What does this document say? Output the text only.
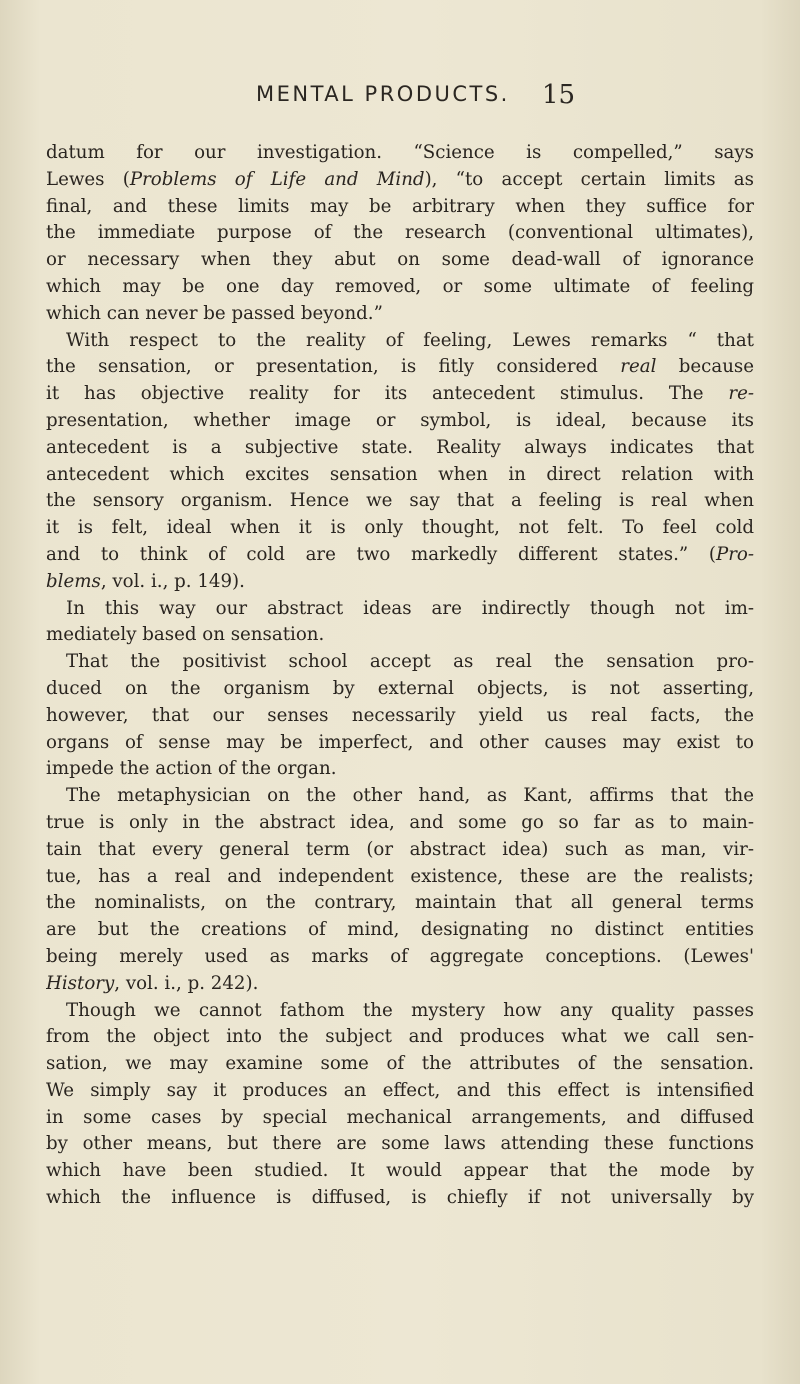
MENTAL PRODUCTS. 15
datum for our investigation. “Science is compelled,” says
Lewes (Problems of Life and Mind), “to accept certain limits as
final, and these limits may be arbitrary when they suffice for
the immediate purpose of the research (conventional ultimates),
or necessary when they abut on some dead-wall of ignorance
which may be one day removed, or some ultimate of feeling
which can never be passed beyond.”
With respect to the reality of feeling, Lewes remarks “ that
the sensation, or presentation, is fitly considered real because
it has objective reality for its antecedent stimulus. The re-
presentation, whether image or symbol, is ideal, because its
antecedent is a subjective state. Reality always indicates that
antecedent which excites sensation when in direct relation with
the sensory organism. Hence we say that a feeling is real when
it is felt, ideal when it is only thought, not felt. To feel cold
and to think of cold are two markedly different states.” (Pro-
blems, vol. i., p. 149).
In this way our abstract ideas are indirectly though not im-
mediately based on sensation.
That the positivist school accept as real the sensation pro-
duced on the organism by external objects, is not asserting,
however, that our senses necessarily yield us real facts, the
organs of sense may be imperfect, and other causes may exist to
impede the action of the organ.
The metaphysician on the other hand, as Kant, affirms that the
true is only in the abstract idea, and some go so far as to main-
tain that every general term (or abstract idea) such as man, vir-
tue, has a real and independent existence, these are the realists;
the nominalists, on the contrary, maintain that all general terms
are but the creations of mind, designating no distinct entities
being merely used as marks of aggregate conceptions. (Lewes'
History, vol. i., p. 242).
Though we cannot fathom the mystery how any quality passes
from the object into the subject and produces what we call sen-
sation, we may examine some of the attributes of the sensation.
We simply say it produces an effect, and this effect is intensified
in some cases by special mechanical arrangements, and diffused
by other means, but there are some laws attending these functions
which have been studied. It would appear that the mode by
which the influence is diffused, is chiefly if not universally by
